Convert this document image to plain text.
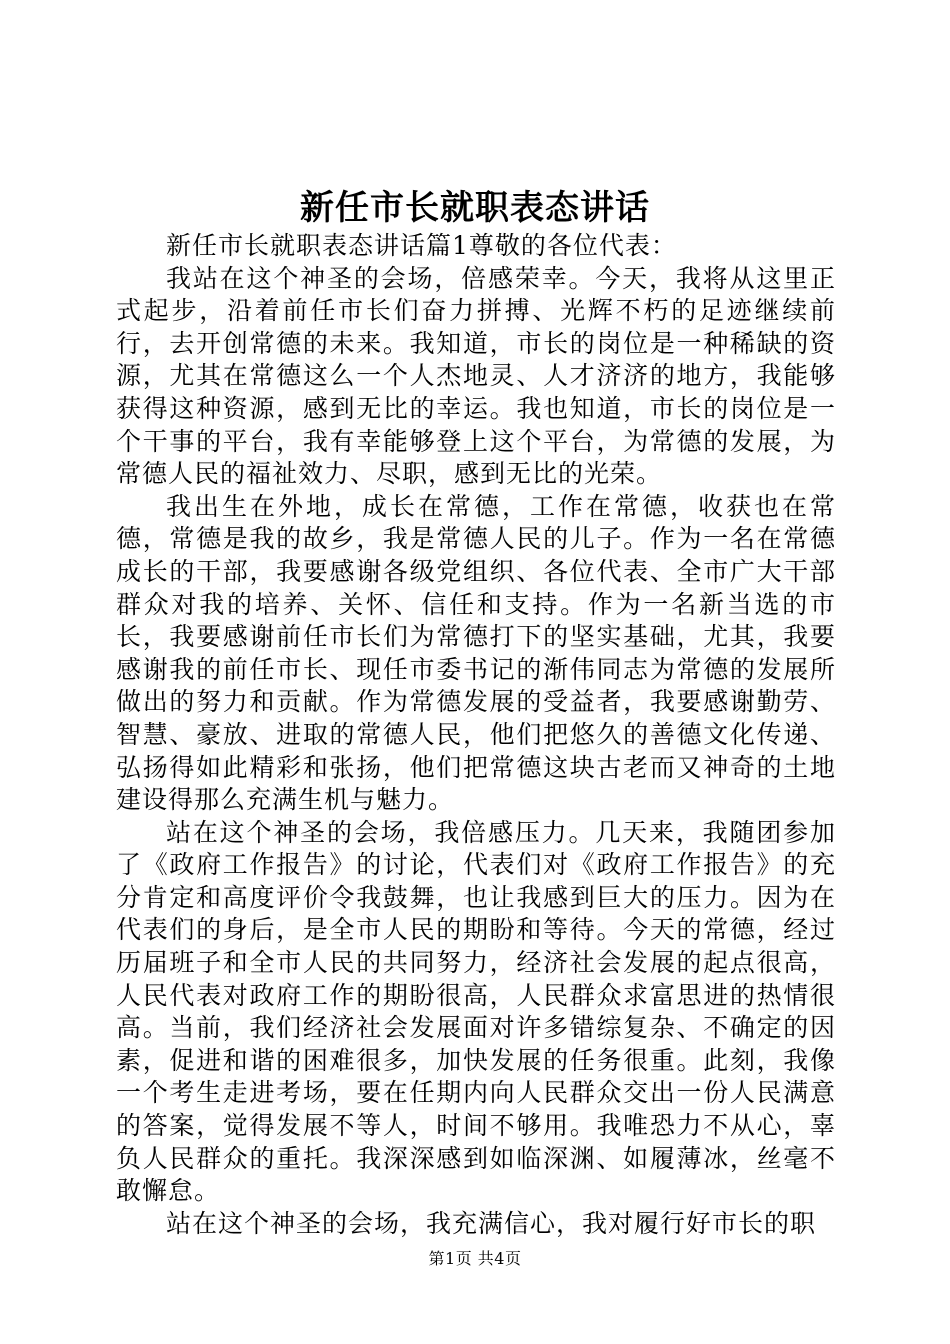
新任市长就职表态讲话

新任市长就职表态讲话篇1尊敬的各位代表：

我站在这个神圣的会场，倍感荣幸。今天，我将从这里正式起步，沿着前任市长们奋力拼搏、光辉不朽的足迹继续前行，去开创常德的未来。我知道，市长的岗位是一种稀缺的资源，尤其在常德这么一个人杰地灵、人才济济的地方，我能够获得这种资源，感到无比的幸运。我也知道，市长的岗位是一个干事的平台，我有幸能够登上这个平台，为常德的发展，为常德人民的福祉效力、尽职，感到无比的光荣。

我出生在外地，成长在常德，工作在常德，收获也在常德，常德是我的故乡，我是常德人民的儿子。作为一名在常德成长的干部，我要感谢各级党组织、各位代表、全市广大干部群众对我的培养、关怀、信任和支持。作为一名新当选的市长，我要感谢前任市长们为常德打下的坚实基础，尤其，我要感谢我的前任市长、现任市委书记的渐伟同志为常德的发展所做出的努力和贡献。作为常德发展的受益者，我要感谢勤劳、智慧、豪放、进取的常德人民，他们把悠久的善德文化传递、弘扬得如此精彩和张扬，他们把常德这块古老而又神奇的土地建设得那么充满生机与魅力。

站在这个神圣的会场，我倍感压力。几天来，我随团参加了《政府工作报告》的讨论，代表们对《政府工作报告》的充分肯定和高度评价令我鼓舞，也让我感到巨大的压力。因为在代表们的身后，是全市人民的期盼和等待。今天的常德，经过历届班子和全市人民的共同努力，经济社会发展的起点很高，人民代表对政府工作的期盼很高，人民群众求富思进的热情很高。当前，我们经济社会发展面对许多错综复杂、不确定的因素，促进和谐的困难很多，加快发展的任务很重。此刻，我像一个考生走进考场，要在任期内向人民群众交出一份人民满意的答案，觉得发展不等人，时间不够用。我唯恐力不从心，辜负人民群众的重托。我深深感到如临深渊、如履薄冰，丝毫不敢懈怠。

站在这个神圣的会场，我充满信心，我对履行好市长的职

第1页 共4页
